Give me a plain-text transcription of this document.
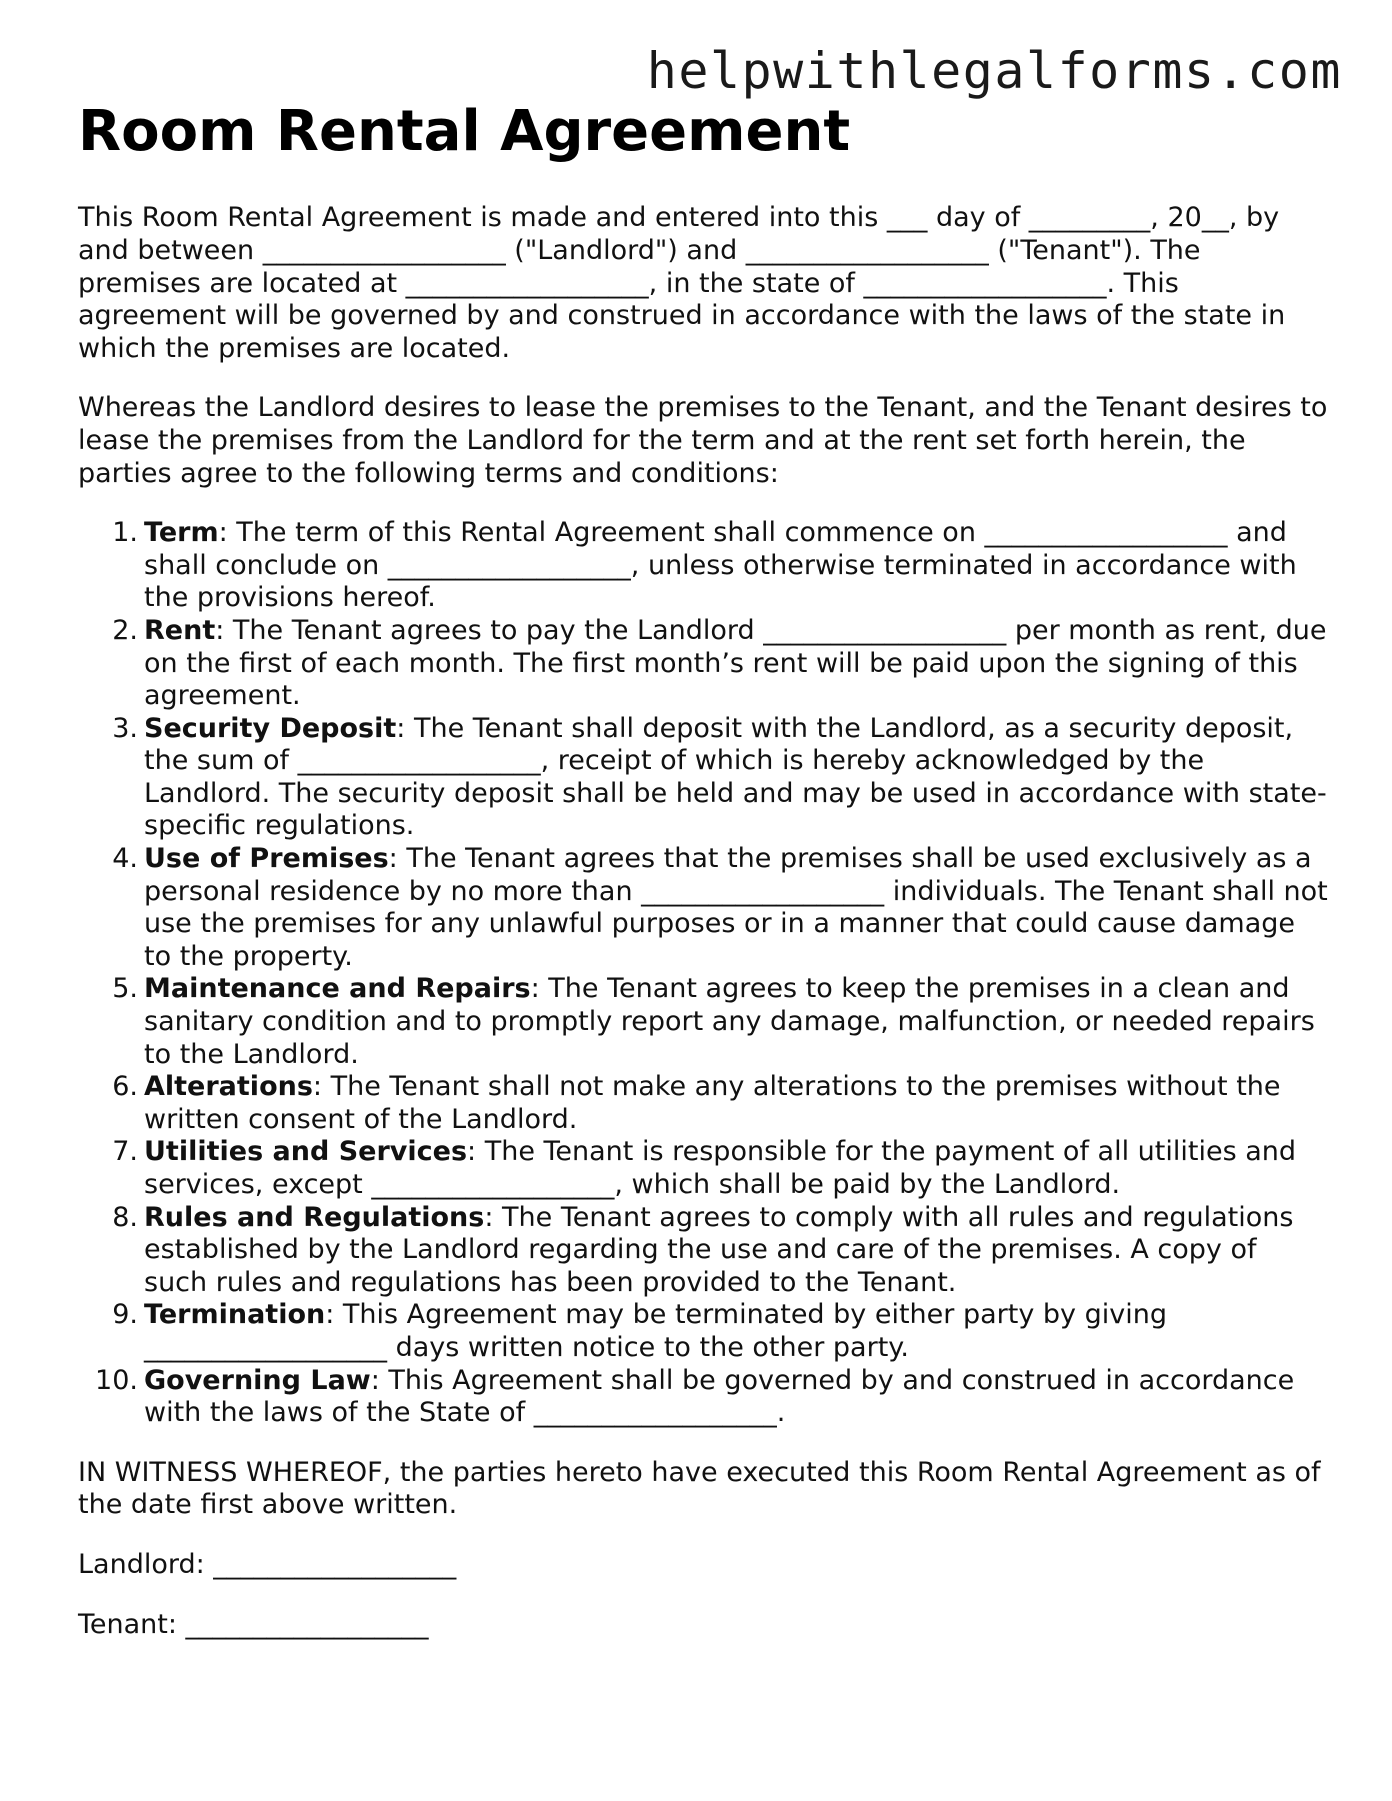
helpwithlegalforms.com
Room Rental Agreement

This Room Rental Agreement is made and entered into this ___ day of _________, 20__, by and between __________________ ("Landlord") and __________________ ("Tenant"). The premises are located at __________________, in the state of __________________. This agreement will be governed by and construed in accordance with the laws of the state in which the premises are located.

Whereas the Landlord desires to lease the premises to the Tenant, and the Tenant desires to lease the premises from the Landlord for the term and at the rent set forth herein, the parties agree to the following terms and conditions:

1. Term: The term of this Rental Agreement shall commence on __________________ and shall conclude on __________________, unless otherwise terminated in accordance with the provisions hereof.
2. Rent: The Tenant agrees to pay the Landlord __________________ per month as rent, due on the first of each month. The first month’s rent will be paid upon the signing of this agreement.
3. Security Deposit: The Tenant shall deposit with the Landlord, as a security deposit, the sum of __________________, receipt of which is hereby acknowledged by the Landlord. The security deposit shall be held and may be used in accordance with state-specific regulations.
4. Use of Premises: The Tenant agrees that the premises shall be used exclusively as a personal residence by no more than __________________ individuals. The Tenant shall not use the premises for any unlawful purposes or in a manner that could cause damage to the property.
5. Maintenance and Repairs: The Tenant agrees to keep the premises in a clean and sanitary condition and to promptly report any damage, malfunction, or needed repairs to the Landlord.
6. Alterations: The Tenant shall not make any alterations to the premises without the written consent of the Landlord.
7. Utilities and Services: The Tenant is responsible for the payment of all utilities and services, except __________________, which shall be paid by the Landlord.
8. Rules and Regulations: The Tenant agrees to comply with all rules and regulations established by the Landlord regarding the use and care of the premises. A copy of such rules and regulations has been provided to the Tenant.
9. Termination: This Agreement may be terminated by either party by giving __________________ days written notice to the other party.
10. Governing Law: This Agreement shall be governed by and construed in accordance with the laws of the State of __________________.

IN WITNESS WHEREOF, the parties hereto have executed this Room Rental Agreement as of the date first above written.

Landlord: __________________
Tenant: __________________
